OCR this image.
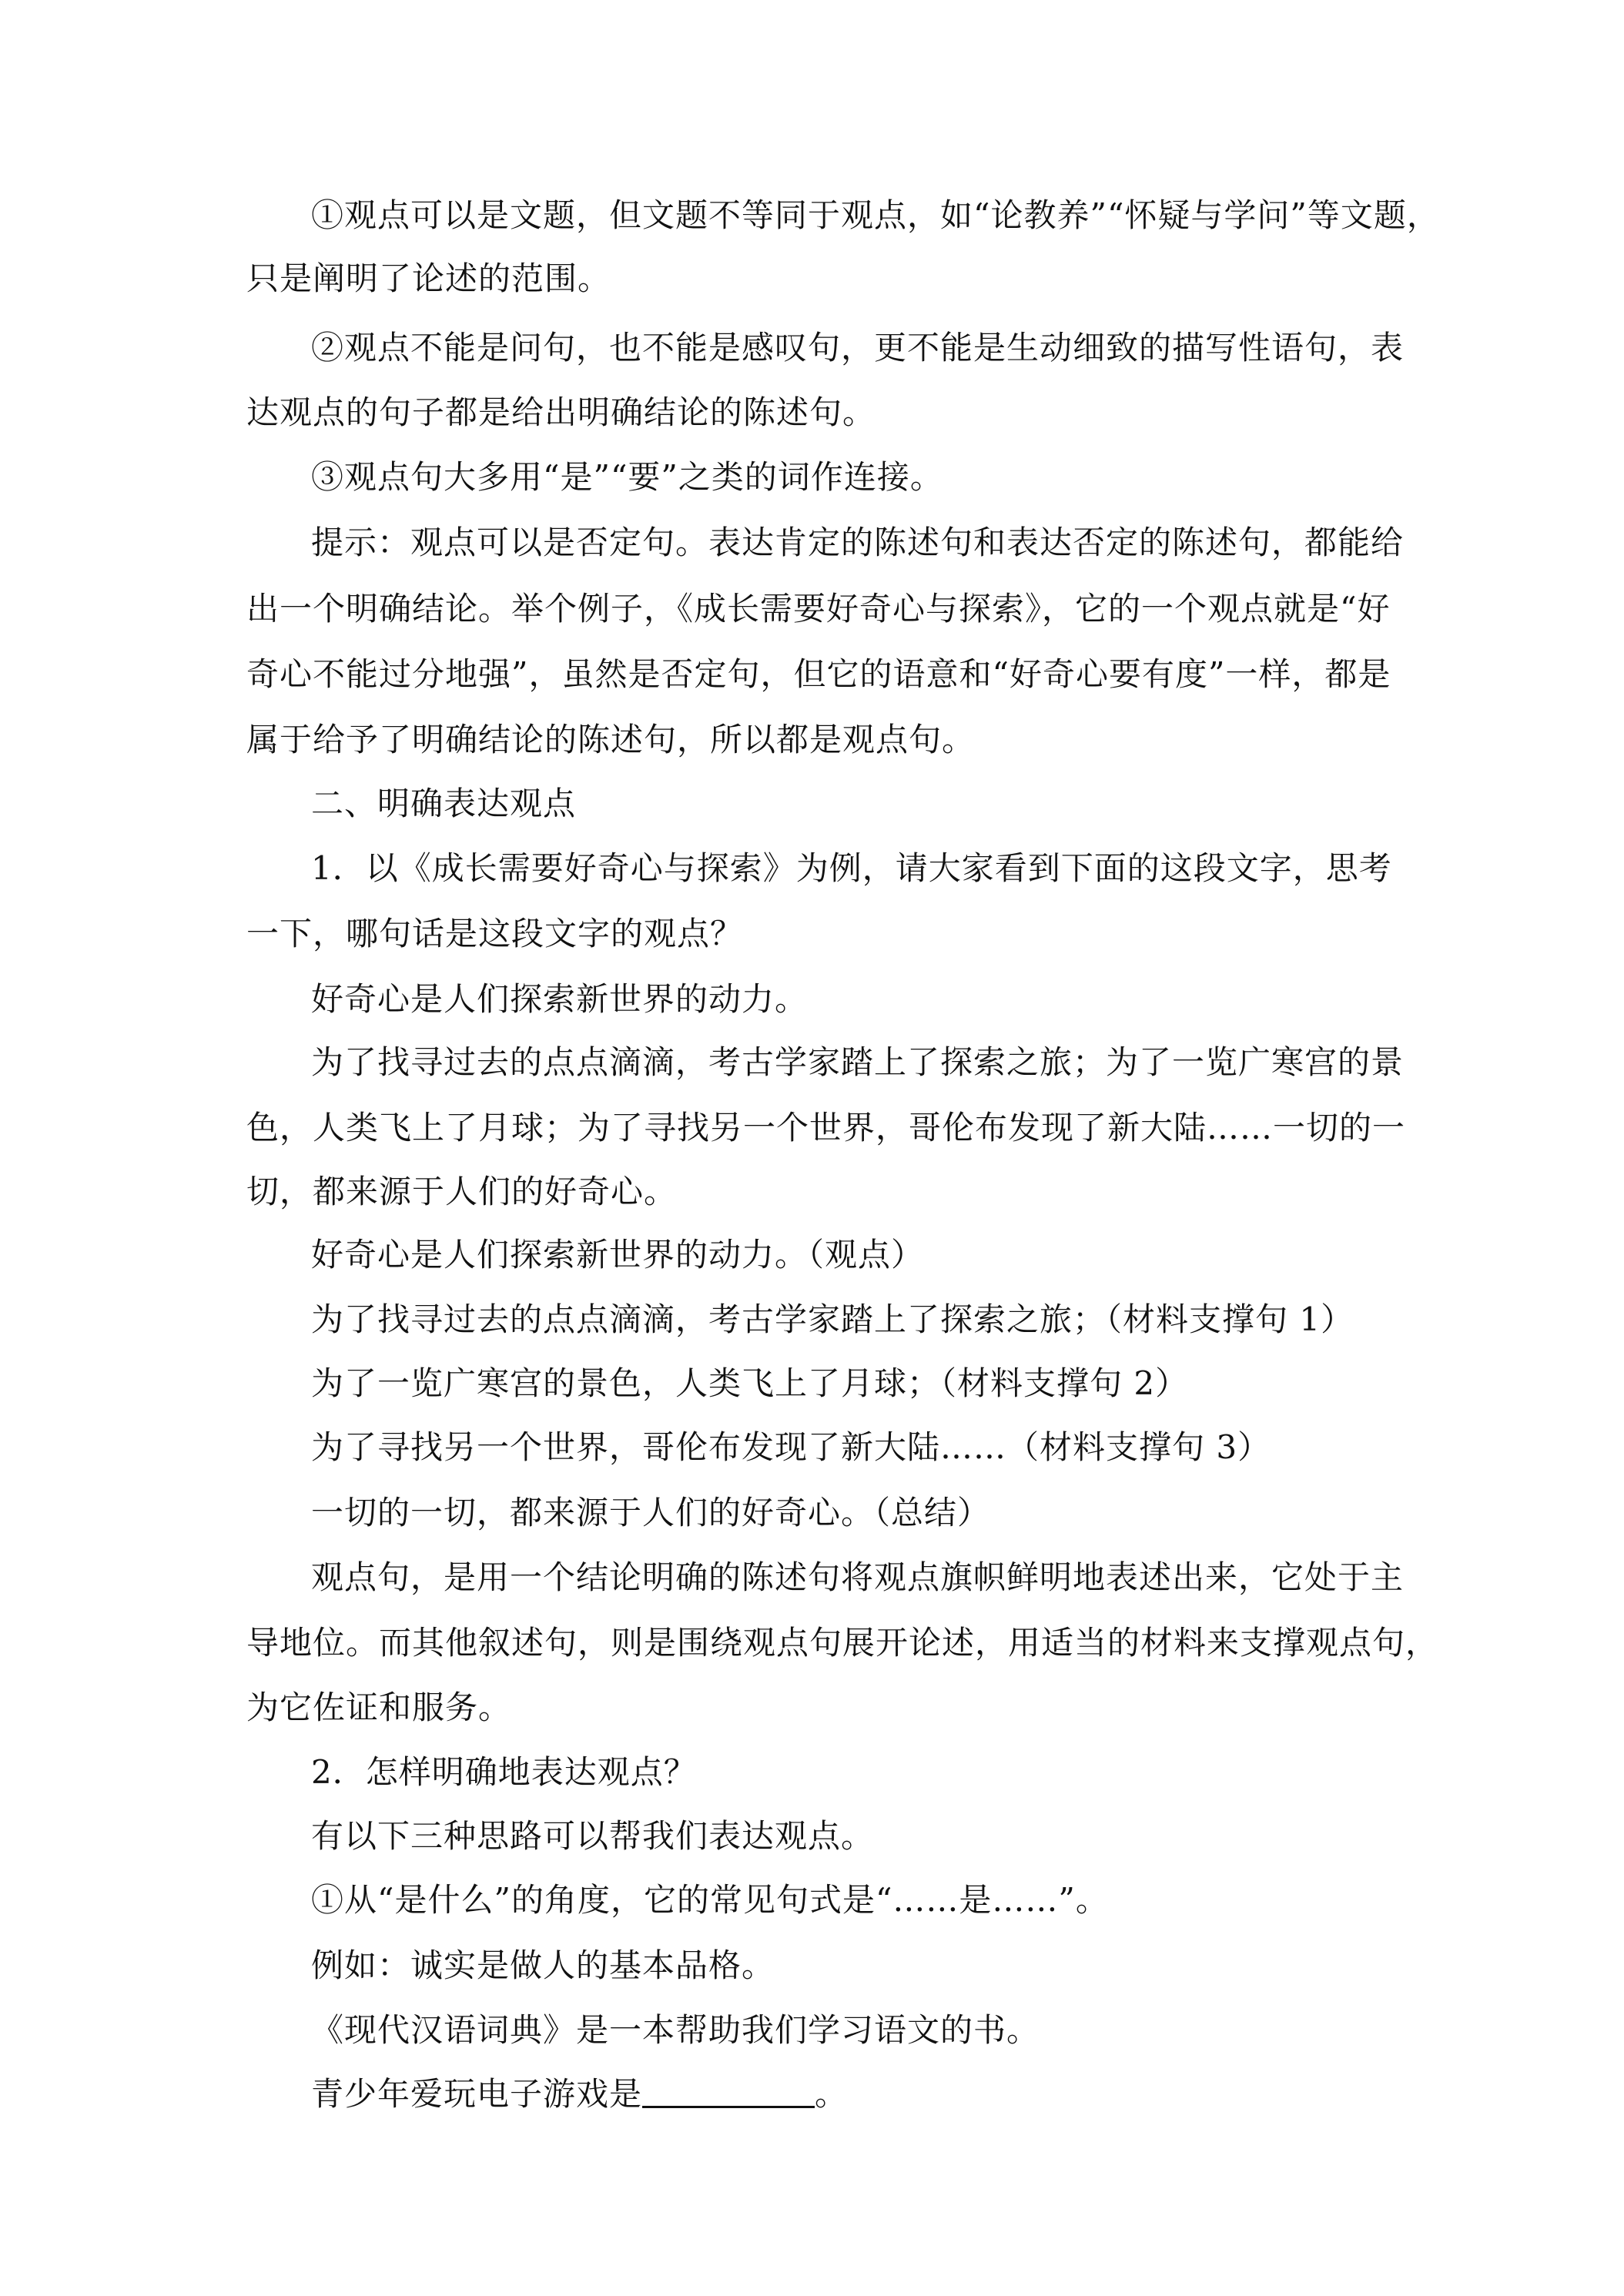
①观点可以是文题，但文题不等同于观点，如“论教养”“怀疑与学问”等文题，
只是阐明了论述的范围。
②观点不能是问句，也不能是感叹句，更不能是生动细致的描写性语句，表
达观点的句子都是给出明确结论的陈述句。
③观点句大多用“是”“要”之类的词作连接。
提示：观点可以是否定句。表达肯定的陈述句和表达否定的陈述句，都能给
出一个明确结论。举个例子，《成长需要好奇心与探索》，它的一个观点就是“好
奇心不能过分地强”，虽然是否定句，但它的语意和“好奇心要有度”一样，都是
属于给予了明确结论的陈述句，所以都是观点句。
二、明确表达观点
1．以《成长需要好奇心与探索》为例，请大家看到下面的这段文字，思考
一下，哪句话是这段文字的观点？
好奇心是人们探索新世界的动力。
为了找寻过去的点点滴滴，考古学家踏上了探索之旅；为了一览广寒宫的景
色，人类飞上了月球；为了寻找另一个世界，哥伦布发现了新大陆……一切的一
切，都来源于人们的好奇心。
好奇心是人们探索新世界的动力。（观点）
为了找寻过去的点点滴滴，考古学家踏上了探索之旅；（材料支撑句 1）
为了一览广寒宫的景色，人类飞上了月球；（材料支撑句 2）
为了寻找另一个世界，哥伦布发现了新大陆……（材料支撑句 3）
一切的一切，都来源于人们的好奇心。（总结）
观点句，是用一个结论明确的陈述句将观点旗帜鲜明地表述出来，它处于主
导地位。而其他叙述句，则是围绕观点句展开论述，用适当的材料来支撑观点句，
为它佐证和服务。
2．怎样明确地表达观点？
有以下三种思路可以帮我们表达观点。
①从“是什么”的角度，它的常见句式是“……是……”。
例如：诚实是做人的基本品格。
《现代汉语词典》是一本帮助我们学习语文的书。
青少年爱玩电子游戏是	。
